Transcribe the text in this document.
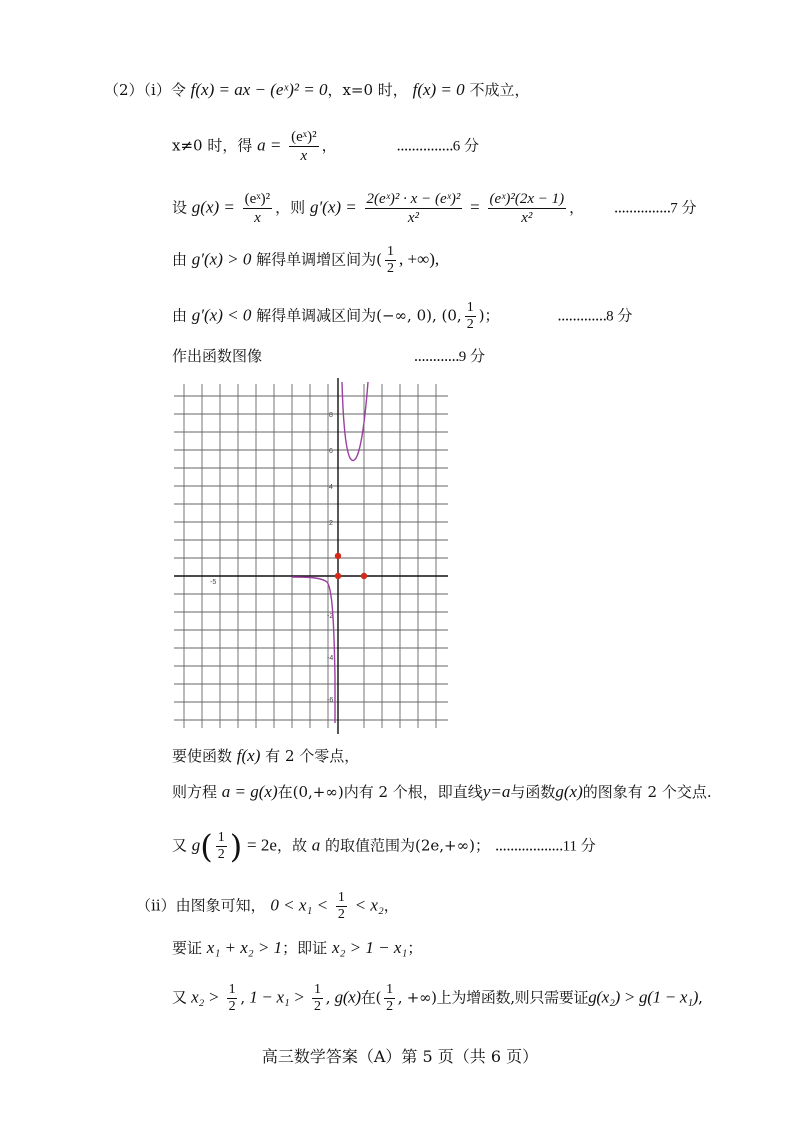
（2）（i）令 f(x) = ax − (eˣ)² = 0，x=0 时， f(x) = 0 不成立，
x≠0 时，得 $a = \frac{\text{(eˣ)²}}{x}$ ，	...............6 分
设 $g(x) = \frac{\text{(eˣ)²}}{x}$ ，则 $g'(x) = \frac{\text{2(eˣ)² · x − (eˣ)²}}{\text{x²}} = \frac{\text{(eˣ)²(2x − 1)}}{\text{x²}}$ ， ...............7 分
由 g′(x) > 0 解得单调增区间为( $\frac{1}{2}$ , +∞),
由 g′(x) < 0 解得单调减区间为(−∞, 0), (0, $\frac{1}{2}$ )；	.............8 分
作出函数图像	............9 分
-5
2
4
6
8
-2
-4
-6
要使函数 f(x) 有 2 个零点，
则方程 a = g(x)在(0,+∞)内有 2 个根，即直线y=a与函数g(x)的图象有 2 个交点.
又 $g( \frac{1}{2}$ ) = 2e，故 a 的取值范围为(2e,+∞)； ..................11 分
（ii）由图象可知， $0 < x_1 < \frac{1}{2} < x_2$，
要证 x₁ + x₂ > 1；即证 x₂ > 1 − x₁；
又 $x_2 > \frac{1}{2}$ , $1 - x_1 > \frac{1}{2}$ , g(x)在( $\frac{1}{2}$ , +∞)上为增函数,则只需要证g(x₂) > g(1 − x₁),
高三数学答案（A）第 5 页（共 6 页）
